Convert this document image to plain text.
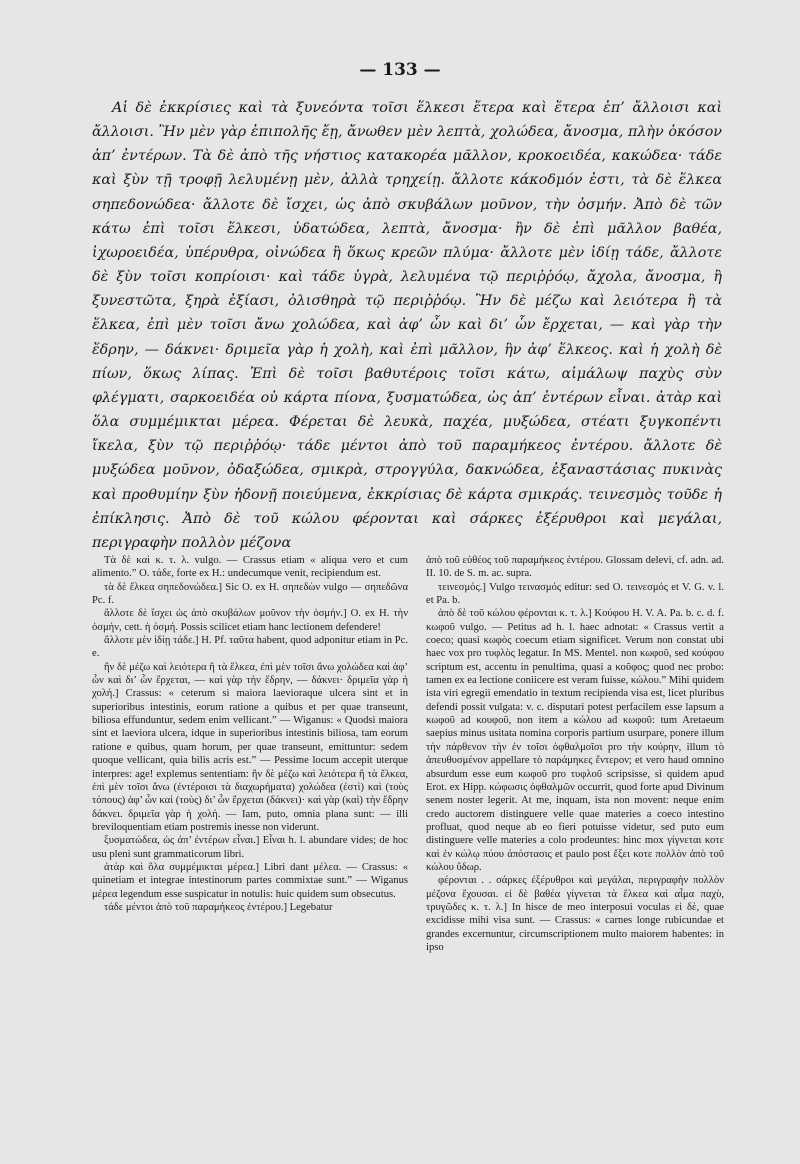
— 133 —

Αἱ δὲ ἐκκρίσιες καὶ τὰ ξυνεόντα τοῖσι ἕλκεσι ἕτερα καὶ ἕτερα ἐπ’ ἄλλοισι καὶ ἄλλοισι. Ἢν μὲν γὰρ ἐπιπολῆς ἔῃ, ἄνωθεν μὲν λεπτὰ, χολώδεα, ἄνοσμα, πλὴν ὁκόσον ἀπ’ ἐντέρων. Τὰ δὲ ἀπὸ τῆς νήστιος κατακορέα μᾶλλον, κροκοειδέα, κακώδεα· τάδε καὶ ξὺν τῇ τροφῇ λελυμένῃ μὲν, ἀλλὰ τρηχείῃ. ἄλλοτε κάκοδμόν ἐστι, τὰ δὲ ἕλκεα σηπεδονώδεα· ἄλλοτε δὲ ἴσχει, ὡς ἀπὸ σκυβάλων μοῦνον, τὴν ὀσμήν. Ἀπὸ δὲ τῶν κάτω ἐπὶ τοῖσι ἕλκεσι, ὑδατώδεα, λεπτὰ, ἄνοσμα· ἢν δὲ ἐπὶ μᾶλλον βαθέα, ἰχωροειδέα, ὑπέρυθρα, οἰνώδεα ἢ ὅκως κρεῶν πλύμα· ἄλλοτε μὲν ἰδίῃ τάδε, ἄλλοτε δὲ ξὺν τοῖσι κοπρίοισι· καὶ τάδε ὑγρὰ, λελυμένα τῷ περιῤῥόῳ, ἄχολα, ἄνοσμα, ἢ ξυνεστῶτα, ξηρὰ ἐξίασι, ὀλισθηρὰ τῷ περιῤῥόῳ. Ἢν δὲ μέζω καὶ λειότερα ἢ τὰ ἕλκεα, ἐπὶ μὲν τοῖσι ἄνω χολώδεα, καὶ ἀφ’ ὧν καὶ δι’ ὧν ἔρχεται, — καὶ γὰρ τὴν ἕδρην, — δάκνει· δριμεῖα γὰρ ἡ χολὴ, καὶ ἐπὶ μᾶλλον, ἣν ἀφ’ ἕλκεος. καὶ ἡ χολὴ δὲ πίων, ὅκως λίπας. Ἐπὶ δὲ τοῖσι βαθυτέροις τοῖσι κάτω, αἱμάλωψ παχὺς σὺν φλέγματι, σαρκοειδέα οὐ κάρτα πίονα, ξυσματώδεα, ὡς ἀπ’ ἐντέρων εἶναι. ἀτὰρ καὶ ὅλα συμμέμικται μέρεα. Φέρεται δὲ λευκὰ, παχέα, μυξώδεα, στέατι ξυγκοπέντι ἴκελα, ξὺν τῷ περιῤῥόῳ· τάδε μέντοι ἀπὸ τοῦ παραμήκεος ἐντέρου. ἄλλοτε δὲ μυξώδεα μοῦνον, ὀδαξώδεα, σμικρὰ, στρογγύλα, δακνώδεα, ἐξαναστάσιας πυκινὰς καὶ προθυμίην ξὺν ἡδονῇ ποιεύμενα, ἐκκρίσιας δὲ κάρτα σμικράς. τεινεσμὸς τοῦδε ἡ ἐπίκλησις. Ἀπὸ δὲ τοῦ κώλου φέρονται καὶ σάρκες ἐξέρυθροι καὶ μεγάλαι, περιγραφὴν πολλὸν μέζονα

Τὰ δὲ καὶ κ. τ. λ. vulgo. — Crassus etiam « aliqua vero et cum alimento.” O. τάδε, forte ex H.: undecumque venit, recipiendum est.

τὰ δὲ ἕλκεα σηπεδονώδεα.] Sic O. ex H. σηπεδὼν vulgo — σηπεδῶνα Pc. f.

ἄλλοτε δὲ ἴσχει ὡς ἀπὸ σκυβάλων μοῦνον τὴν ὀσμήν.] O. ex H. τὴν ὀσμήν, cett. ἡ ὀσμή. Possis scilicet etiam hanc lectionem defendere!

ἄλλοτε μὲν ἰδίῃ τάδε.] H. Pf. ταῦτα habent, quod adponitur etiam in Pc. e.

ἢν δὲ μέζω καὶ λειότερα ἢ τὰ ἕλκεα, ἐπὶ μὲν τοῖσι ἄνω χολώδεα καὶ ἀφ’ ὧν καὶ δι’ ὧν ἔρχεται, — καὶ γὰρ τὴν ἕδρην, — δάκνει· δριμεῖα γὰρ ἡ χολή.] Crassus: « ceterum si maiora laevioraque ulcera sint et in superioribus intestinis, eorum ratione a quibus et per quae transeunt, biliosa effunduntur, sedem enim vellicant.” — Wiganus: « Quodsi maiora sint et laeviora ulcera, idque in superioribus intestinis biliosa, tam eorum ratione e quibus, quam horum, per quae transeunt, emittuntur: sedem quoque vellicant, quia bilis acris est.” — Pessime locum accepit uterque interpres: age! explemus sententiam: ἢν δὲ μέζω καὶ λειότερα ἢ τὰ ἕλκεα, ἐπὶ μὲν τοῖσι ἄνω (ἐντέροισι τὰ διαχωρήματα) χολώδεα (ἐστὶ) καὶ (τοὺς τόπους) ἀφ’ ὧν καὶ (τοὺς) δι’ ὧν ἔρχεται (δάκνει)· καὶ γὰρ (καὶ) τὴν ἕδρην δάκνει. δριμεῖα γὰρ ἡ χολή. — Iam, puto, omnia plana sunt: — illi breviloquentiam etiam postremis inesse non viderunt.

ξυσματώδεα, ὡς ἀπ’ ἐντέρων εἶναι.] Εἶναι h. l. abundare vides; de hoc usu pleni sunt grammaticorum libri.

ἀτὰρ καὶ ὅλα συμμέμικται μέρεα.] Libri dant μέλεα. — Crassus: « quinetiam et integrae intestinorum partes commixtae sunt.” — Wiganus μέρεα legendum esse suspicatur in notulis: huic quidem sum obsecutus.

τάδε μέντοι ἀπὸ τοῦ παραμήκεος ἐντέρου.] Legebatur

ἀπὸ τοῦ εὐθέος τοῦ παραμήκεος ἐντέρου. Glossam delevi, cf. adn. ad. II. 10. de S. m. ac. supra.

τεινεσμός.] Vulgo τεινασμός editur: sed O. τεινεσμός et V. G. v. l. et Pa. b.

ἀπὸ δὲ τοῦ κώλου φέρονται κ. τ. λ.] Κούφου H. V. A. Pa. b. c. d. f. κωφοῦ vulgo. — Petitus ad h. l. haec adnotat: « Crassus vertit a coeco; quasi κωφὸς coecum etiam significet. Verum non constat ubi haec vox pro τυφλὸς legatur. In MS. Mentel. non κωφοῦ, sed κούφου scriptum est, accentu in penultima, quasi a κοῦφος; quod nec probo: tamen ex ea lectione coniicere est veram fuisse, κώλου.” Mihi quidem ista viri egregii emendatio in textum recipienda visa est, licet pluribus defendi possit vulgata: v. c. disputari potest perfacilem esse lapsum a κωφοῦ ad κουφοῦ, non item a κώλου ad κωφοῦ: tum Aretaeum saepius minus usitata nomina corporis partium usurpare, ponere illum τὴν πάρθενον τὴν ἐν τοῖσι ὀφθαλμοῖσι pro τὴν κούρην, illum τὸ ἀπευθυσμένον appellare τὸ παράμηκες ἔντερον; et vero haud omnino absurdum esse eum κωφοῦ pro τυφλοῦ scripsisse, si quidem apud Erot. ex Hipp. κώφωσις ὀφθαλμῶν occurrit, quod forte apud Divinum senem noster legerit. At me, inquam, ista non movent: neque enim credo auctorem distinguere velle quae materies a coeco intestino profluat, quod neque ab eo fieri potuisse videtur, sed puto eum distinguere velle materies a colo prodeuntes: hinc mox γίγνεται κοτε καὶ ἐν κώλῳ πύου ἀπόστασις et paulo post ἔξει κοτε πολλὸν ἀπὸ τοῦ κώλου ὕδωρ.

φέρονται . . σάρκες ἐξέρυθροι καὶ μεγάλαι, περιγραφὴν πολλὸν μέζονα ἔχουσαι. εἰ δὲ βαθέα γίγνεται τὰ ἕλκεα καὶ αἷμα παχὺ, τρυγῶδες κ. τ. λ.] In hisce de meo interposui voculas εἰ δὲ, quae excidisse mihi visa sunt. — Crassus: « carnes longe rubicundae et grandes excernuntur, circumscriptionem multo maiorem habentes: in ipso
